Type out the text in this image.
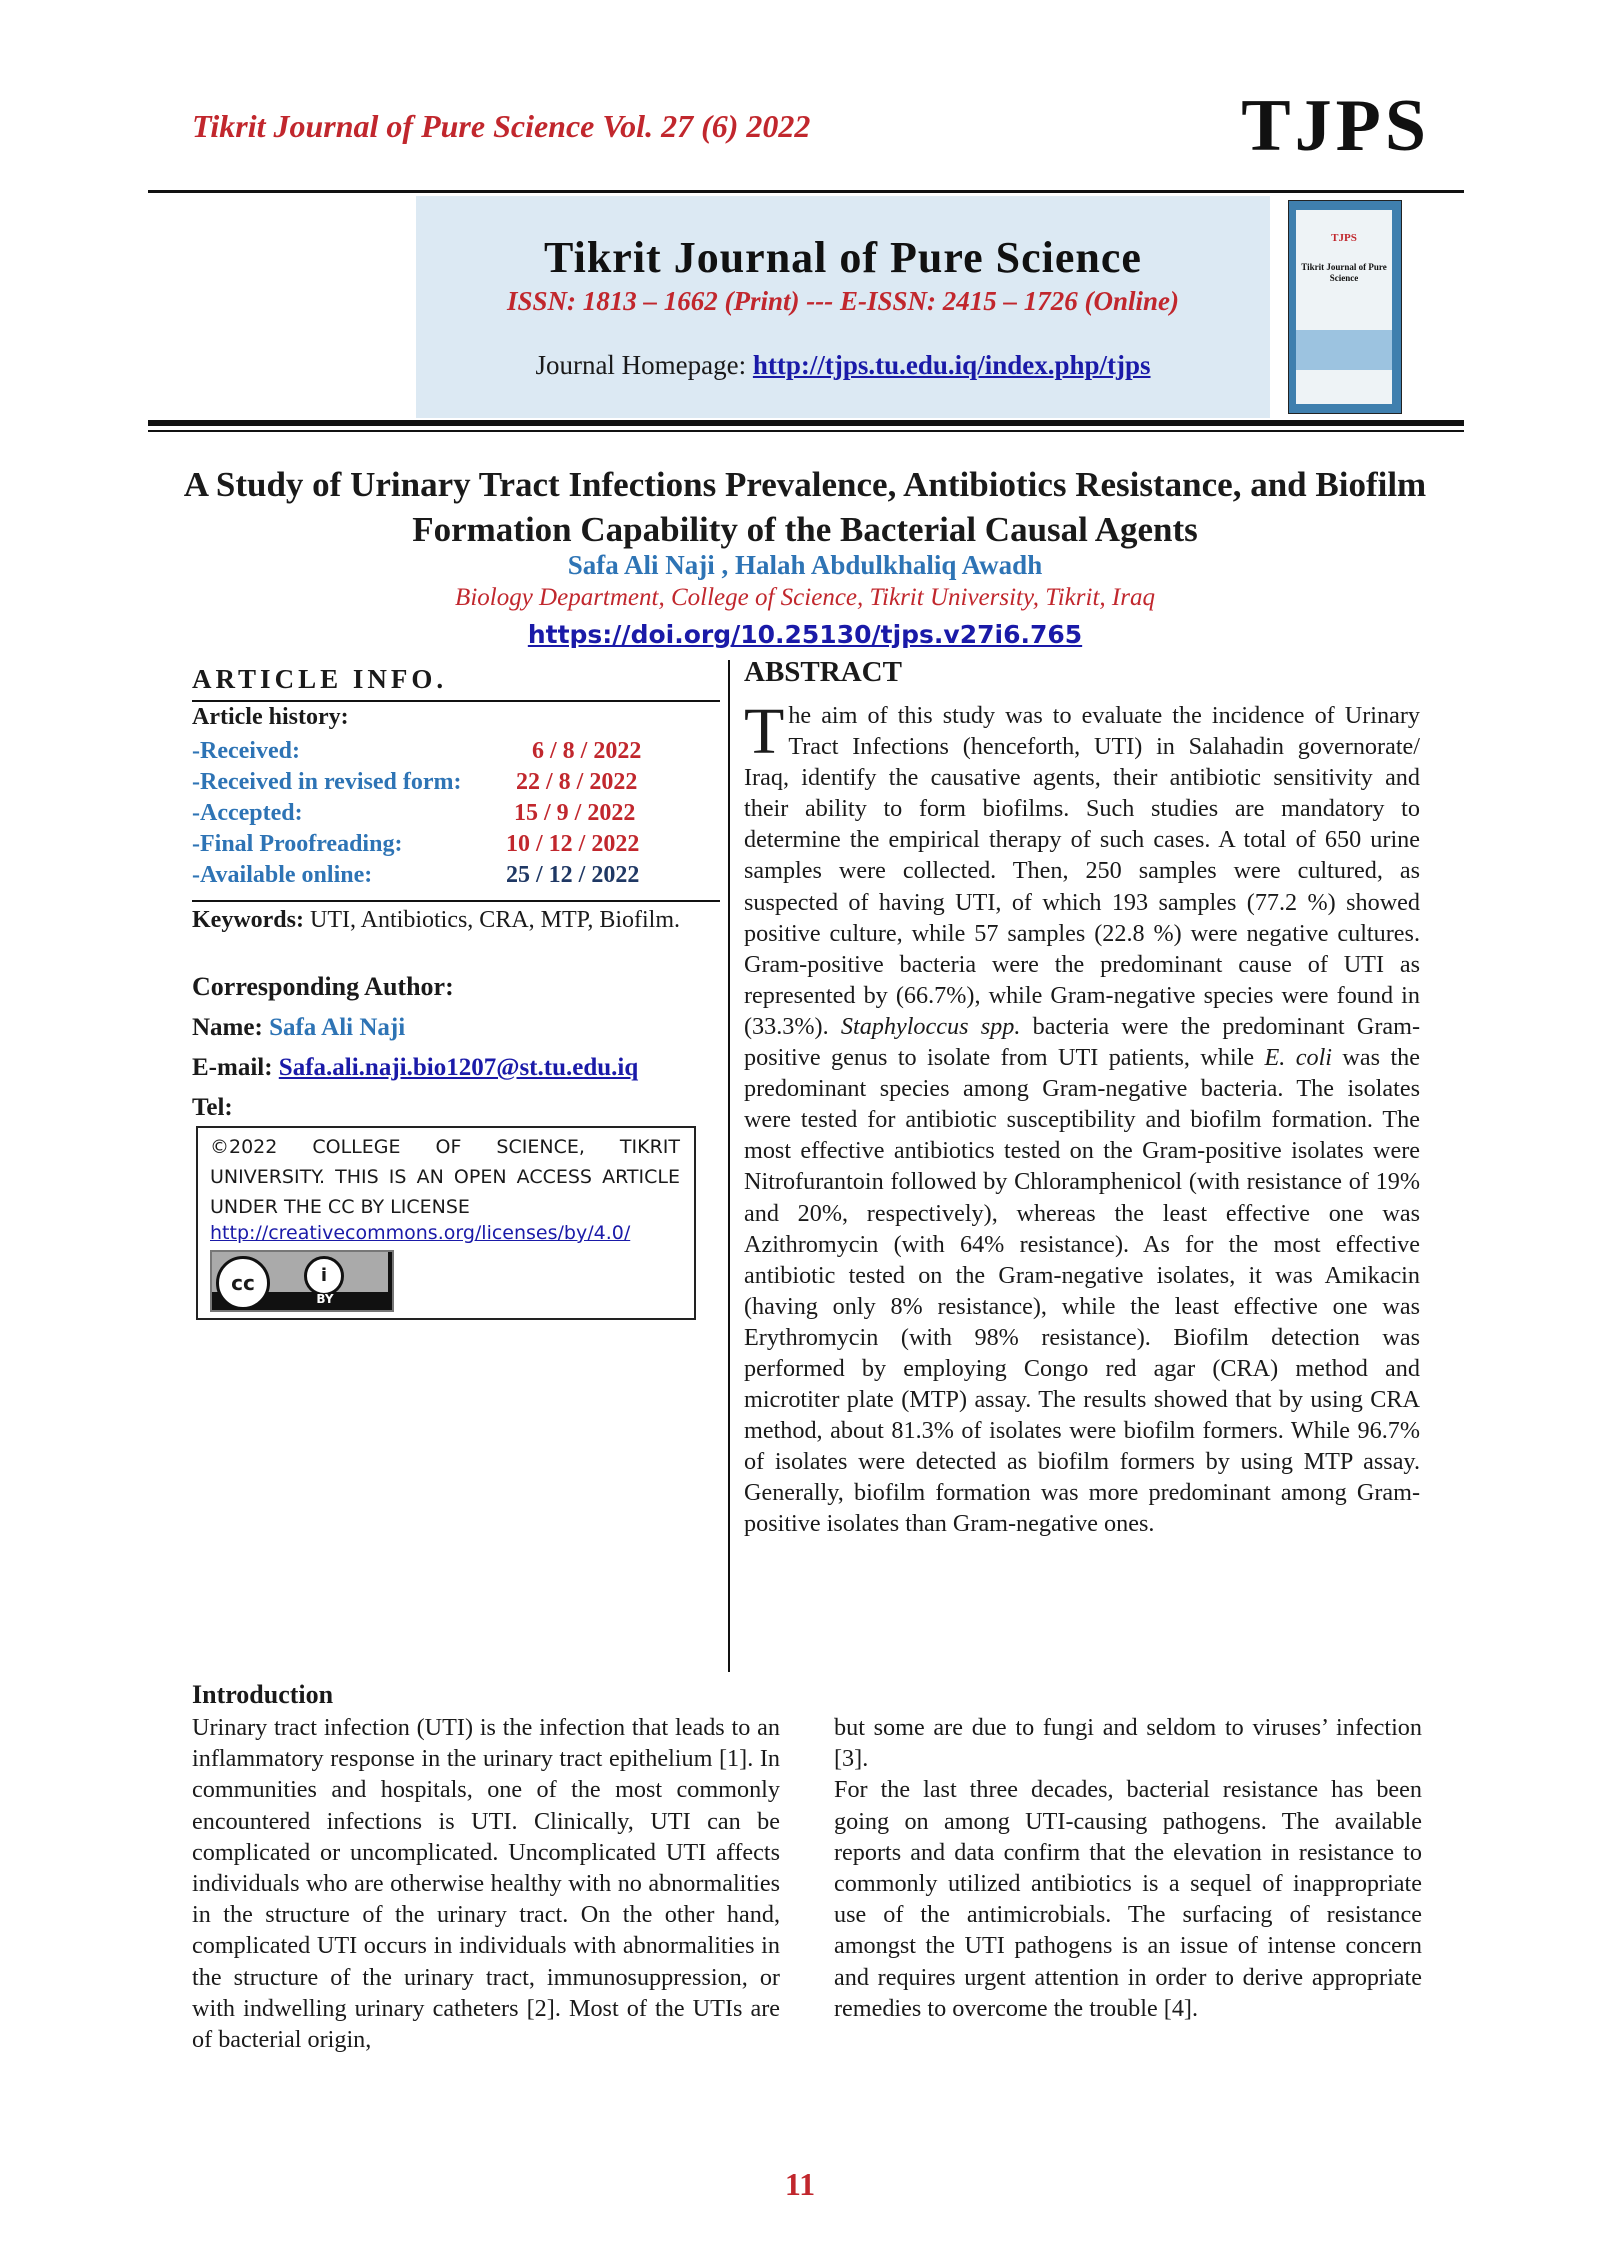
Tikrit Journal of Pure Science Vol. 27 (6) 2022	TJPS
Tikrit Journal of Pure Science
ISSN: 1813 – 1662 (Print) --- E-ISSN: 2415 – 1726 (Online)
Journal Homepage: http://tjps.tu.edu.iq/index.php/tjps
TJPS
Tikrit Journal of Pure Science
A Study of Urinary Tract Infections Prevalence, Antibiotics Resistance, and Biofilm Formation Capability of the Bacterial Causal Agents
Safa Ali Naji , Halah Abdulkhaliq Awadh
Biology Department, College of Science, Tikrit University, Tikrit, Iraq
https://doi.org/10.25130/tjps.v27i6.765
ARTICLE INFO.
Article history:
-Received:	6 / 8 / 2022
-Received in revised form: 22 / 8 / 2022
-Accepted:	15 / 9 / 2022
-Final Proofreading:	10 / 12 / 2022
-Available online:	25 / 12 / 2022
Keywords: UTI, Antibiotics, CRA, MTP, Biofilm.
Corresponding Author:
Name: Safa Ali Naji
E-mail: Safa.ali.naji.bio1207@st.tu.edu.iq
Tel:
©2022 COLLEGE OF SCIENCE, TIKRIT UNIVERSITY. THIS IS AN OPEN ACCESS ARTICLE UNDER THE CC BY LICENSE
http://creativecommons.org/licenses/by/4.0/
cc	i
BY
ABSTRACT
The aim of this study was to evaluate the incidence of Urinary Tract Infections (henceforth, UTI) in Salahadin governorate/ Iraq, identify the causative agents, their antibiotic sensitivity and their ability to form biofilms. Such studies are mandatory to determine the empirical therapy of such cases. A total of 650 urine samples were collected. Then, 250 samples were cultured, as suspected of having UTI, of which 193 samples (77.2 %) showed positive culture, while 57 samples (22.8 %) were negative cultures. Gram-positive bacteria were the predominant cause of UTI as represented by (66.7%), while Gram-negative species were found in (33.3%). Staphyloccus spp. bacteria were the predominant Gram-positive genus to isolate from UTI patients, while E. coli was the predominant species among Gram-negative bacteria. The isolates were tested for antibiotic susceptibility and biofilm formation. The most effective antibiotics tested on the Gram-positive isolates were Nitrofurantoin followed by Chloramphenicol (with resistance of 19% and 20%, respectively), whereas the least effective one was Azithromycin (with 64% resistance). As for the most effective antibiotic tested on the Gram-negative isolates, it was Amikacin (having only 8% resistance), while the least effective one was Erythromycin (with 98% resistance). Biofilm detection was performed by employing Congo red agar (CRA) method and microtiter plate (MTP) assay. The results showed that by using CRA method, about 81.3% of isolates were biofilm formers. While 96.7% of isolates were detected as biofilm formers by using MTP assay. Generally, biofilm formation was more predominant among Gram-positive isolates than Gram-negative ones.
Introduction

Urinary tract infection (UTI) is the infection that leads to an inflammatory response in the urinary tract epithelium [1]. In communities and hospitals, one of the most commonly encountered infections is UTI. Clinically, UTI can be complicated or uncomplicated. Uncomplicated UTI affects individuals who are otherwise healthy with no abnormalities in the structure of the urinary tract. On the other hand, complicated UTI occurs in individuals with abnormalities in the structure of the urinary tract, immunosuppression, or with indwelling urinary catheters [2]. Most of the UTIs are of bacterial origin,

but some are due to fungi and seldom to viruses’ infection [3].

For the last three decades, bacterial resistance has been going on among UTI-causing pathogens. The available reports and data confirm that the elevation in resistance to commonly utilized antibiotics is a sequel of inappropriate use of the antimicrobials. The surfacing of resistance amongst the UTI pathogens is an issue of intense concern and requires urgent attention in order to derive appropriate remedies to overcome the trouble [4].

11
